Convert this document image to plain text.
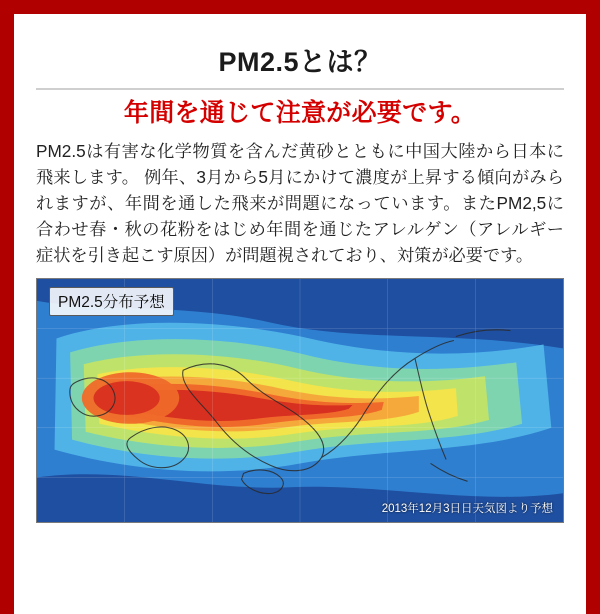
PM2.5とは？
年間を通じて注意が必要です。

PM2.5は有害な化学物質を含んだ黄砂とともに中国大陸から日本に飛来します。 例年、3月から5月にかけて濃度が上昇する傾向がみられますが、年間を通した飛来が問題になっています。またPM2,5に合わせ春・秋の花粉をはじめ年間を通じたアレルゲン（アレルギー症状を引き起こす原因）が問題視されており、対策が必要です。

PM2.5分布予想
2013年12月3日日天気図より予想
